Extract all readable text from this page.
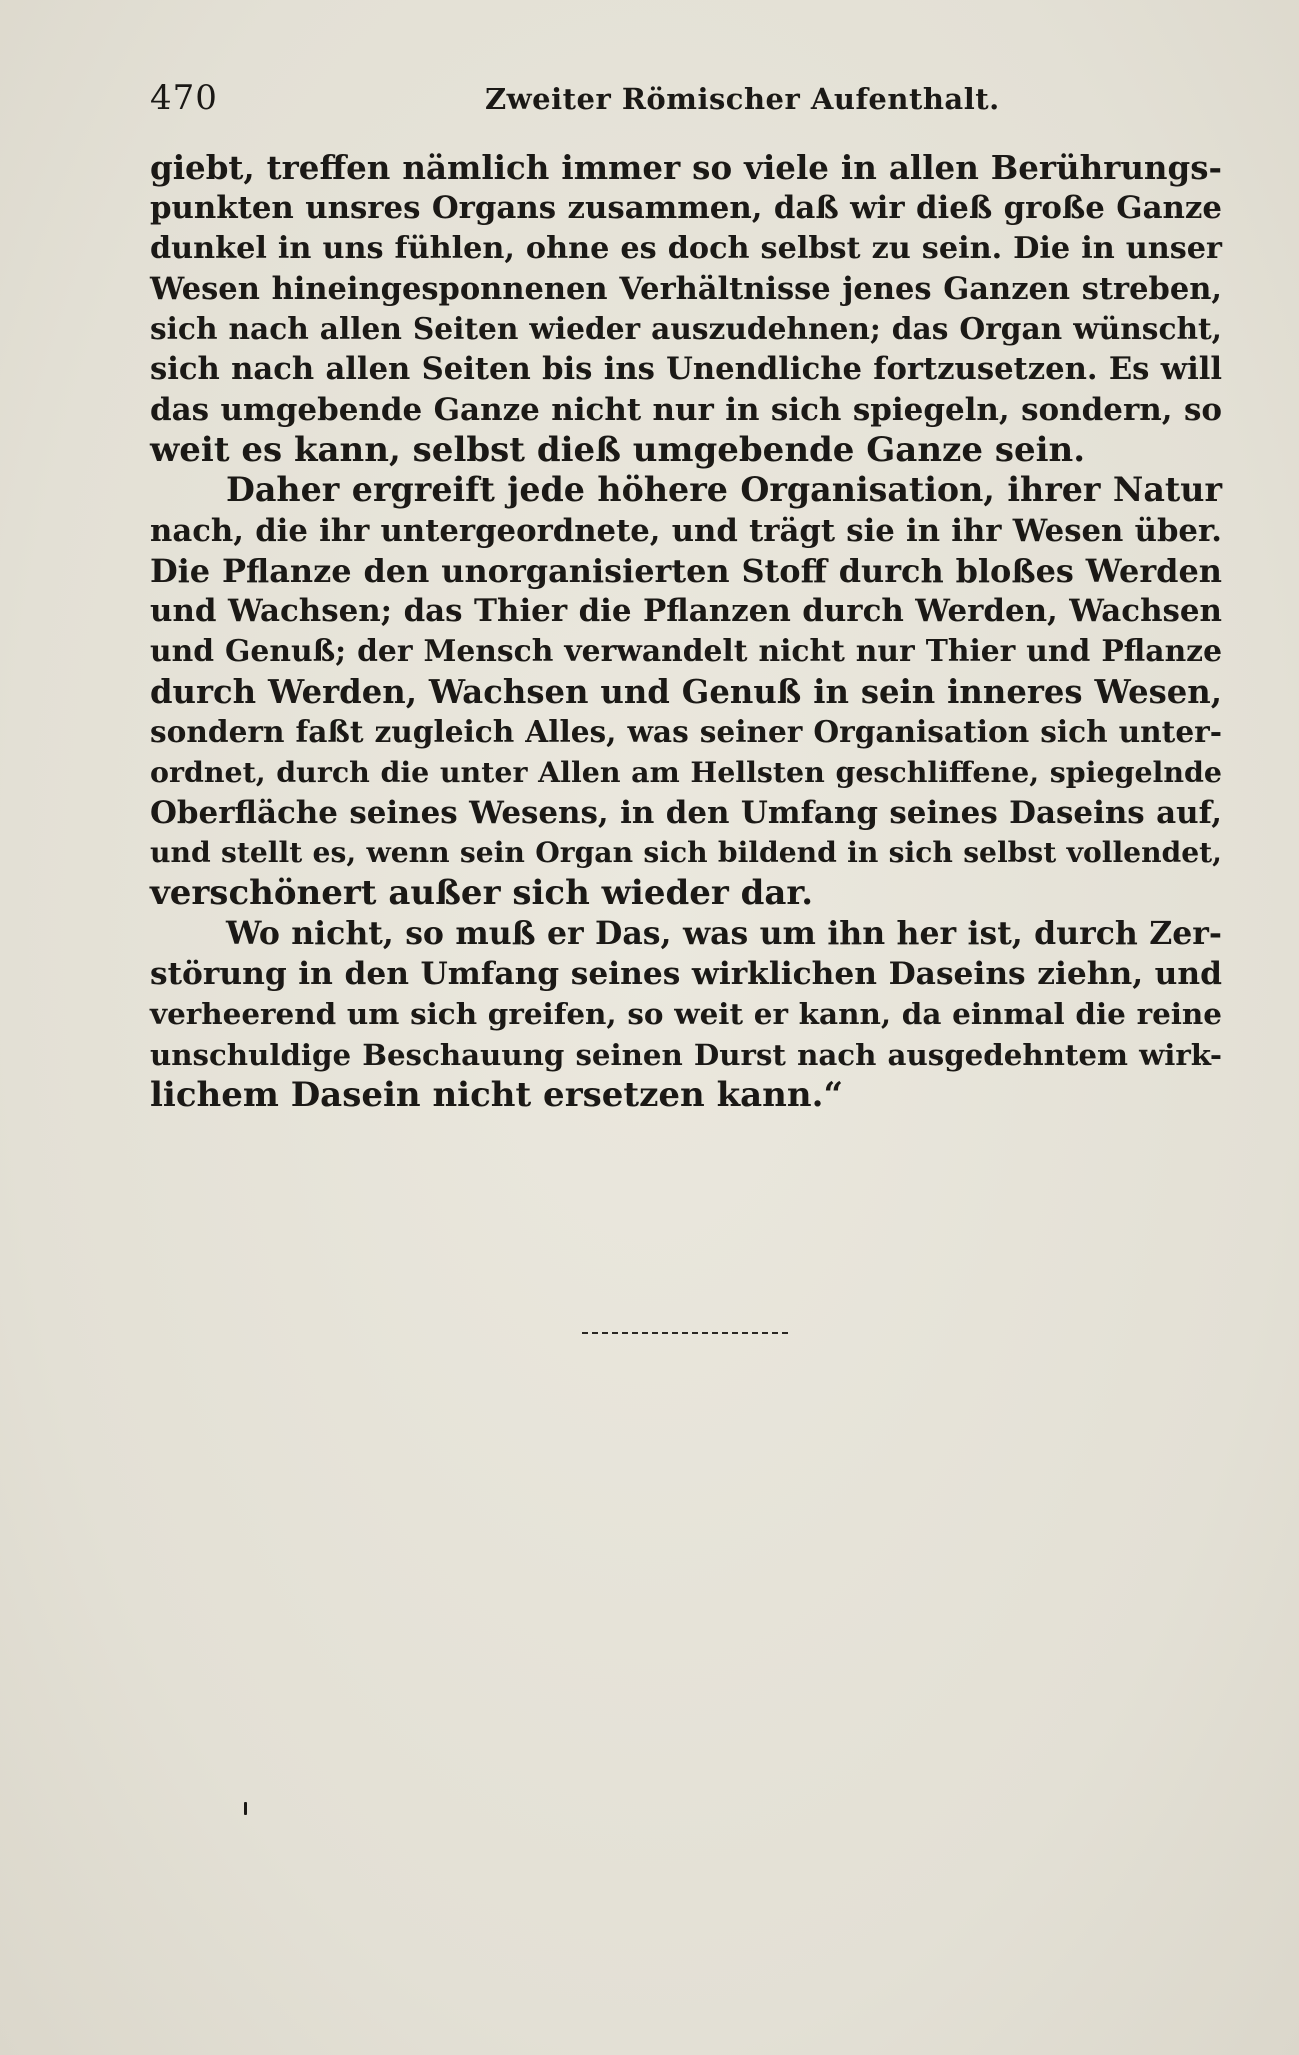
470	Zweiter Römischer Aufenthalt.
giebt, treffen nämlich immer so viele in allen Berührungs-
punkten unsres Organs zusammen, daß wir dieß große Ganze
dunkel in uns fühlen, ohne es doch selbst zu sein. Die in unser
Wesen hineingesponnenen Verhältnisse jenes Ganzen streben,
sich nach allen Seiten wieder auszudehnen; das Organ wünscht,
sich nach allen Seiten bis ins Unendliche fortzusetzen. Es will
das umgebende Ganze nicht nur in sich spiegeln, sondern, so
weit es kann, selbst dieß umgebende Ganze sein.
Daher ergreift jede höhere Organisation, ihrer Natur
nach, die ihr untergeordnete, und trägt sie in ihr Wesen über.
Die Pflanze den unorganisierten Stoff durch bloßes Werden
und Wachsen; das Thier die Pflanzen durch Werden, Wachsen
und Genuß; der Mensch verwandelt nicht nur Thier und Pflanze
durch Werden, Wachsen und Genuß in sein inneres Wesen,
sondern faßt zugleich Alles, was seiner Organisation sich unter-
ordnet, durch die unter Allen am Hellsten geschliffene, spiegelnde
Oberfläche seines Wesens, in den Umfang seines Daseins auf,
und stellt es, wenn sein Organ sich bildend in sich selbst vollendet,
verschönert außer sich wieder dar.
Wo nicht, so muß er Das, was um ihn her ist, durch Zer-
störung in den Umfang seines wirklichen Daseins ziehn, und
verheerend um sich greifen, so weit er kann, da einmal die reine
unschuldige Beschauung seinen Durst nach ausgedehntem wirk-
lichem Dasein nicht ersetzen kann.“
